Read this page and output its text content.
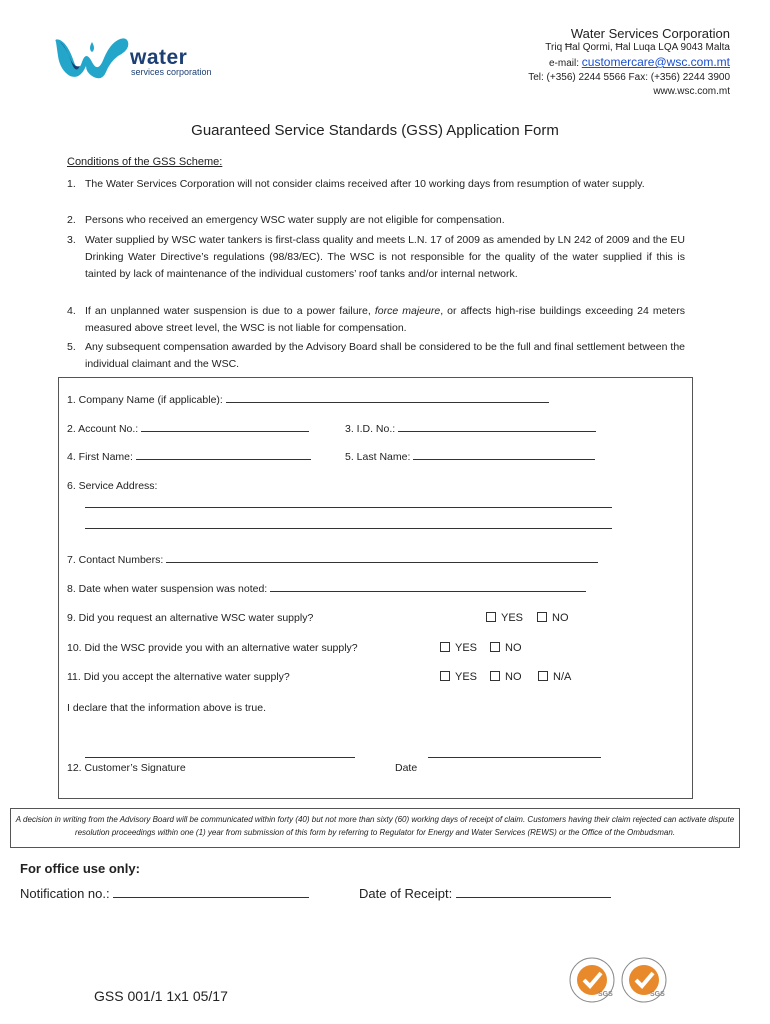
water
services corporation
Water Services Corporation
Triq Ħal Qormi, Ħal Luqa LQA 9043 Malta
e-mail: customercare@wsc.com.mt
Tel: (+356) 2244 5566 Fax: (+356) 2244 3900
www.wsc.com.mt
Guaranteed Service Standards (GSS) Application Form
Conditions of the GSS Scheme:
1. The Water Services Corporation will not consider claims received after 10 working days from resumption of water supply.
2. Persons who received an emergency WSC water supply are not eligible for compensation.
3. Water supplied by WSC water tankers is first-class quality and meets L.N. 17 of 2009 as amended by LN 242 of 2009 and the EU Drinking Water Directive’s regulations (98/83/EC). The WSC is not responsible for the quality of the water supplied if this is tainted by lack of maintenance of the individual customers’ roof tanks and/or internal network.
4. If an unplanned water suspension is due to a power failure, force majeure, or affects high-rise buildings exceeding 24 meters measured above street level, the WSC is not liable for compensation.
5. Any subsequent compensation awarded by the Advisory Board shall be considered to be the full and final settlement between the individual claimant and the WSC.
1. Company Name (if applicable):
2. Account No.:	3. I.D. No.:
4. First Name:	5. Last Name:
6. Service Address:
7. Contact Numbers:
8. Date when water suspension was noted:
9. Did you request an alternative WSC water supply?	YES	NO
10. Did the WSC provide you with an alternative water supply?	YES	NO
11. Did you accept the alternative water supply?	YES	NO	N/A
I declare that the information above is true.
12. Customer’s Signature	Date
A decision in writing from the Advisory Board will be communicated within forty (40) but not more than sixty (60) working days of receipt of claim. Customers having their claim rejected can activate dispute resolution proceedings within one (1) year from submission of this form by referring to Regulator for Energy and Water Services (REWS) or the Office of the Ombudsman.
For office use only:
Notification no.:	Date of Receipt:
GSS 001/1 1x1 05/17	SGS	SGS
